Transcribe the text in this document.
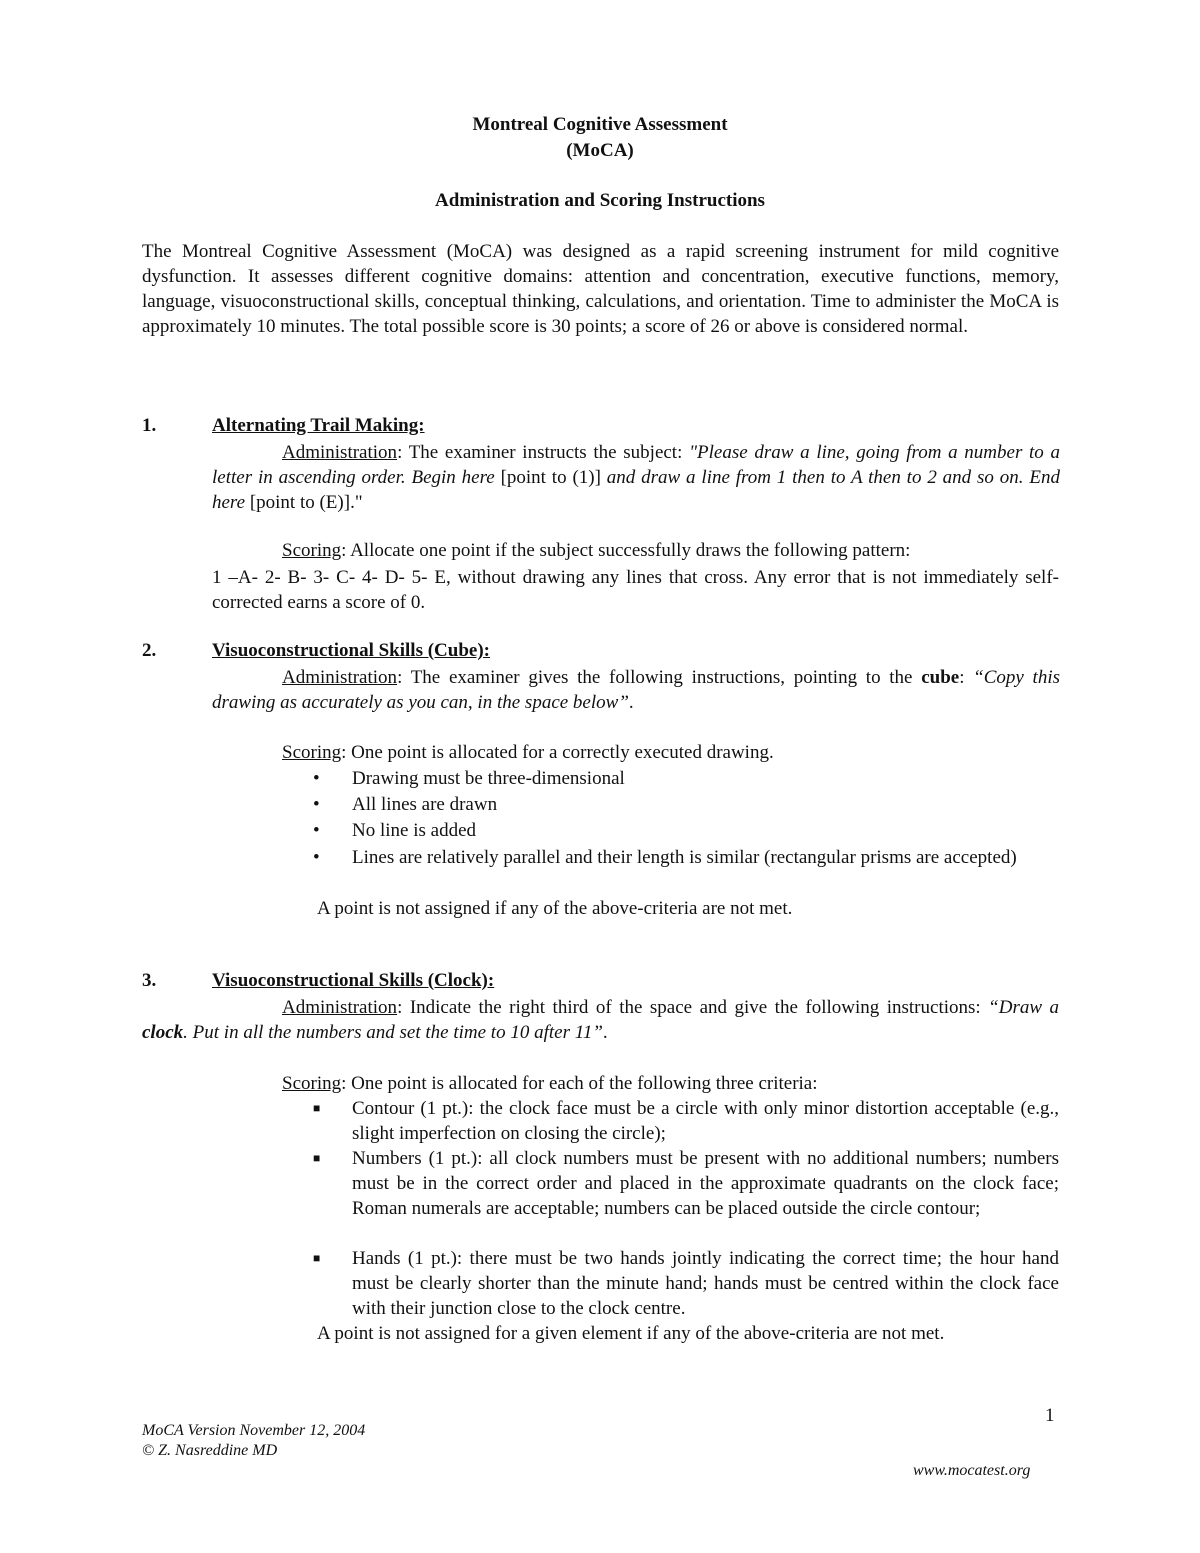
Montreal Cognitive Assessment
(MoCA)
Administration and Scoring Instructions
The Montreal Cognitive Assessment (MoCA) was designed as a rapid screening instrument for mild cognitive dysfunction. It assesses different cognitive domains: attention and concentration, executive functions, memory, language, visuoconstructional skills, conceptual thinking, calculations, and orientation. Time to administer the MoCA is approximately 10 minutes. The total possible score is 30 points; a score of 26 or above is considered normal.
1.	Alternating Trail Making:
Administration: The examiner instructs the subject: "Please draw a line, going from a number to a letter in ascending order. Begin here [point to (1)] and draw a line from 1 then to A then to 2 and so on. End here [point to (E)]."
Scoring: Allocate one point if the subject successfully draws the following pattern:
1 –A- 2- B- 3- C- 4- D- 5- E, without drawing any lines that cross. Any error that is not immediately self-corrected earns a score of 0.
2.	Visuoconstructional Skills (Cube):
Administration: The examiner gives the following instructions, pointing to the cube: “Copy this drawing as accurately as you can, in the space below”.
Scoring: One point is allocated for a correctly executed drawing.
•	Drawing must be three-dimensional
•	All lines are drawn
•	No line is added
•	Lines are relatively parallel and their length is similar (rectangular prisms are accepted)
A point is not assigned if any of the above-criteria are not met.
3.	Visuoconstructional Skills (Clock):
Administration: Indicate the right third of the space and give the following instructions: “Draw a clock. Put in all the numbers and set the time to 10 after 11”.
Scoring: One point is allocated for each of the following three criteria:
■	Contour (1 pt.): the clock face must be a circle with only minor distortion acceptable (e.g., slight imperfection on closing the circle);
■	Numbers (1 pt.): all clock numbers must be present with no additional numbers; numbers must be in the correct order and placed in the approximate quadrants on the clock face; Roman numerals are acceptable; numbers can be placed outside the circle contour;
■	Hands (1 pt.): there must be two hands jointly indicating the correct time; the hour hand must be clearly shorter than the minute hand; hands must be centred within the clock face with their junction close to the clock centre.
A point is not assigned for a given element if any of the above-criteria are not met.
1
MoCA Version November 12, 2004
© Z. Nasreddine MD
www.mocatest.org
